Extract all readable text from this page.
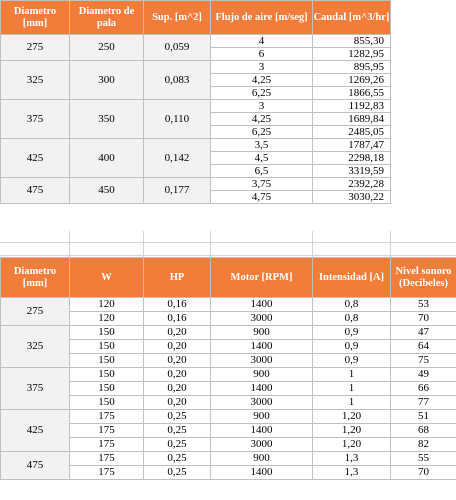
Diametro [mm]	Diametro de pala	Sup. [m^2]	Flujo de aire [m/seg]	Caudal [m^3/hr]
275	250	0,059	4	855,30
			6	1282,95
325	300	0,083	3	895,95
			4,25	1269,26
			6,25	1866,55
375	350	0,110	3	1192,83
			4,25	1689,84
			6,25	2485,05
425	400	0,142	3,5	1787,47
			4,5	2298,18
			6,5	3319,59
475	450	0,177	3,75	2392,28
			4,75	3030,22
Diametro [mm]	W	HP	Motor [RPM]	Intensidad [A]	Nivel sonoro (Decibeles)
275	120	0,16	1400	0,8	53
	120	0,16	3000	0,8	70
325	150	0,20	900	0,9	47
	150	0,20	1400	0,9	64
	150	0,20	3000	0,9	75
375	150	0,20	900	1	49
	150	0,20	1400	1	66
	150	0,20	3000	1	77
425	175	0,25	900	1,20	51
	175	0,25	1400	1,20	68
	175	0,25	3000	1,20	82
475	175	0,25	900	1,3	55
	175	0,25	1400	1,3	70
